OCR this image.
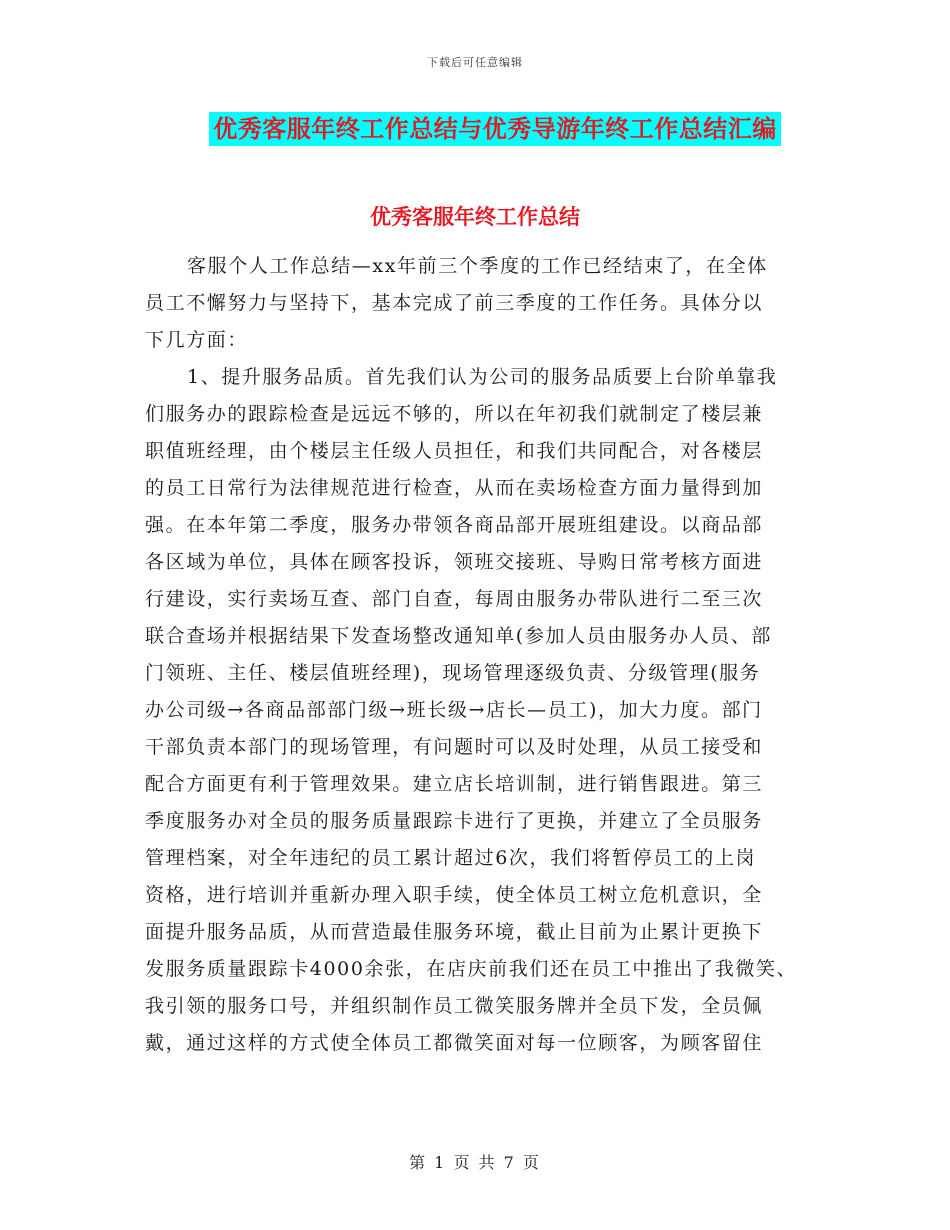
下载后可任意编辑
优秀客服年终工作总结与优秀导游年终工作总结汇编
优秀客服年终工作总结
客服个人工作总结—xx年前三个季度的工作已经结束了，在全体
员工不懈努力与坚持下，基本完成了前三季度的工作任务。具体分以
下几方面：
1、提升服务品质。首先我们认为公司的服务品质要上台阶单靠我
们服务办的跟踪检查是远远不够的，所以在年初我们就制定了楼层兼
职值班经理，由个楼层主任级人员担任，和我们共同配合，对各楼层
的员工日常行为法律规范进行检查，从而在卖场检查方面力量得到加
强。在本年第二季度，服务办带领各商品部开展班组建设。以商品部
各区域为单位，具体在顾客投诉，领班交接班、导购日常考核方面进
行建设，实行卖场互查、部门自查，每周由服务办带队进行二至三次
联合查场并根据结果下发查场整改通知单(参加人员由服务办人员、部
门领班、主任、楼层值班经理)，现场管理逐级负责、分级管理(服务
办公司级→各商品部部门级→班长级→店长—员工)，加大力度。部门
干部负责本部门的现场管理，有问题时可以及时处理，从员工接受和
配合方面更有利于管理效果。建立店长培训制，进行销售跟进。第三
季度服务办对全员的服务质量跟踪卡进行了更换，并建立了全员服务
管理档案，对全年违纪的员工累计超过6次，我们将暂停员工的上岗
资格，进行培训并重新办理入职手续，使全体员工树立危机意识，全
面提升服务品质，从而营造最佳服务环境，截止目前为止累计更换下
发服务质量跟踪卡4000余张，在店庆前我们还在员工中推出了我微笑、
我引领的服务口号，并组织制作员工微笑服务牌并全员下发，全员佩
戴，通过这样的方式使全体员工都微笑面对每一位顾客，为顾客留住
第 1 页 共 7 页
